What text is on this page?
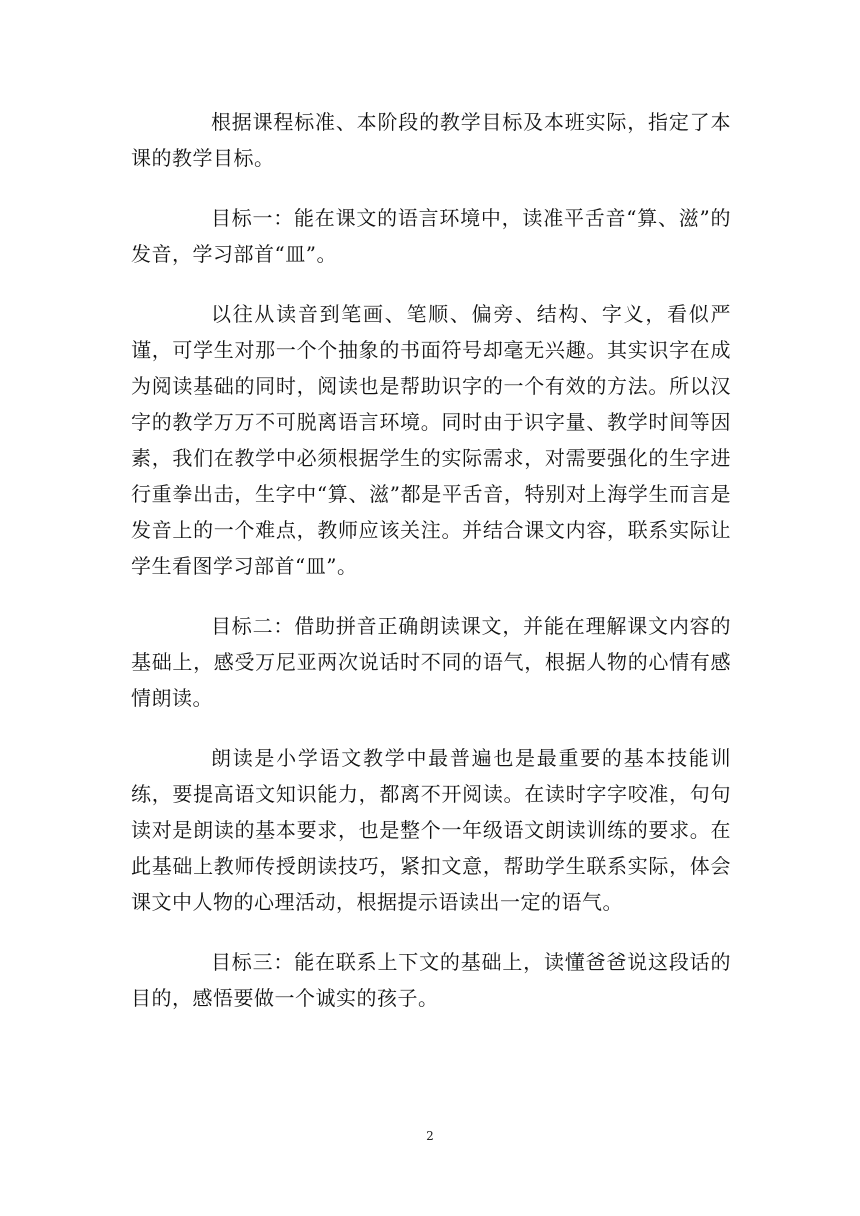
根据课程标准、本阶段的教学目标及本班实际，指定了本课的教学目标。

目标一：能在课文的语言环境中，读准平舌音“算、滋”的发音，学习部首“皿”。

以往从读音到笔画、笔顺、偏旁、结构、字义，看似严谨，可学生对那一个个抽象的书面符号却毫无兴趣。其实识字在成为阅读基础的同时，阅读也是帮助识字的一个有效的方法。所以汉字的教学万万不可脱离语言环境。同时由于识字量、教学时间等因素，我们在教学中必须根据学生的实际需求，对需要强化的生字进行重拳出击，生字中“算、滋”都是平舌音，特别对上海学生而言是发音上的一个难点，教师应该关注。并结合课文内容，联系实际让学生看图学习部首“皿”。

目标二：借助拼音正确朗读课文，并能在理解课文内容的基础上，感受万尼亚两次说话时不同的语气，根据人物的心情有感情朗读。

朗读是小学语文教学中最普遍也是最重要的基本技能训练，要提高语文知识能力，都离不开阅读。在读时字字咬准，句句读对是朗读的基本要求，也是整个一年级语文朗读训练的要求。在此基础上教师传授朗读技巧，紧扣文意，帮助学生联系实际，体会课文中人物的心理活动，根据提示语读出一定的语气。

目标三：能在联系上下文的基础上，读懂爸爸说这段话的目的，感悟要做一个诚实的孩子。

2
